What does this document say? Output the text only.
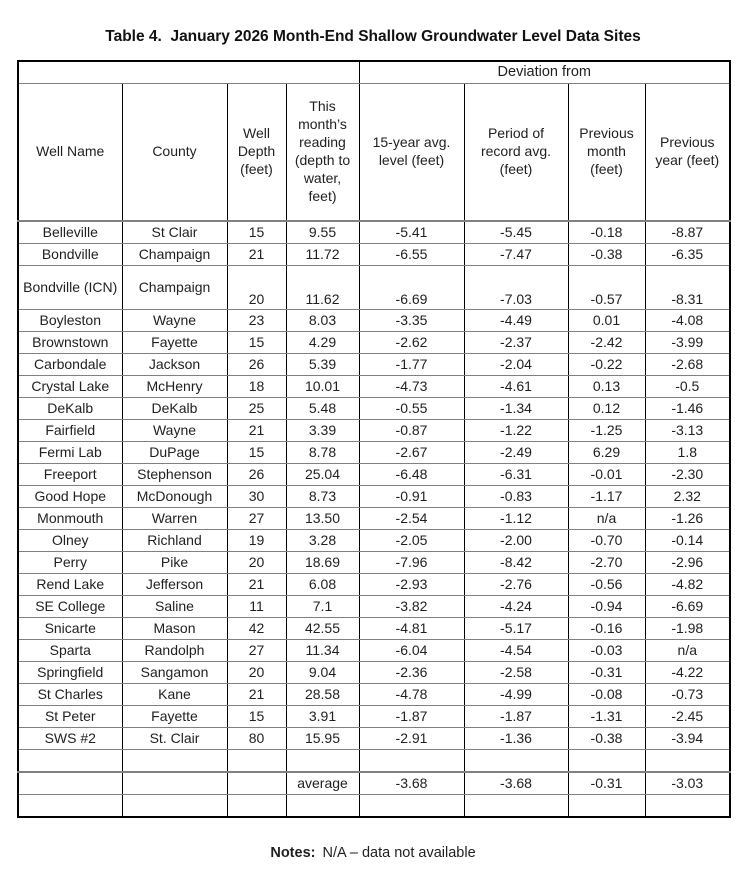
Table 4.  January 2026 Month-End Shallow Groundwater Level Data Sites
				Deviation from			
Well Name	County	Well Depth (feet)	This month’s reading (depth to water, feet)	15-year avg. level (feet)	Period of record avg. (feet)	Previous month (feet)	Previous year (feet)
Belleville	St Clair	15	9.55	-5.41	-5.45	-0.18	-8.87
Bondville	Champaign	21	11.72	-6.55	-7.47	-0.38	-6.35
Bondville (ICN)	Champaign	20	11.62	-6.69	-7.03	-0.57	-8.31
Boyleston	Wayne	23	8.03	-3.35	-4.49	0.01	-4.08
Brownstown	Fayette	15	4.29	-2.62	-2.37	-2.42	-3.99
Carbondale	Jackson	26	5.39	-1.77	-2.04	-0.22	-2.68
Crystal Lake	McHenry	18	10.01	-4.73	-4.61	0.13	-0.5
DeKalb	DeKalb	25	5.48	-0.55	-1.34	0.12	-1.46
Fairfield	Wayne	21	3.39	-0.87	-1.22	-1.25	-3.13
Fermi Lab	DuPage	15	8.78	-2.67	-2.49	6.29	1.8
Freeport	Stephenson	26	25.04	-6.48	-6.31	-0.01	-2.30
Good Hope	McDonough	30	8.73	-0.91	-0.83	-1.17	2.32
Monmouth	Warren	27	13.50	-2.54	-1.12	n/a	-1.26
Olney	Richland	19	3.28	-2.05	-2.00	-0.70	-0.14
Perry	Pike	20	18.69	-7.96	-8.42	-2.70	-2.96
Rend Lake	Jefferson	21	6.08	-2.93	-2.76	-0.56	-4.82
SE College	Saline	11	7.1	-3.82	-4.24	-0.94	-6.69
Snicarte	Mason	42	42.55	-4.81	-5.17	-0.16	-1.98
Sparta	Randolph	27	11.34	-6.04	-4.54	-0.03	n/a
Springfield	Sangamon	20	9.04	-2.36	-2.58	-0.31	-4.22
St Charles	Kane	21	28.58	-4.78	-4.99	-0.08	-0.73
St Peter	Fayette	15	3.91	-1.87	-1.87	-1.31	-2.45
SWS #2	St. Clair	80	15.95	-2.91	-1.36	-0.38	-3.94

			average	-3.68	-3.68	-0.31	-3.03

Notes: N/A – data not available
